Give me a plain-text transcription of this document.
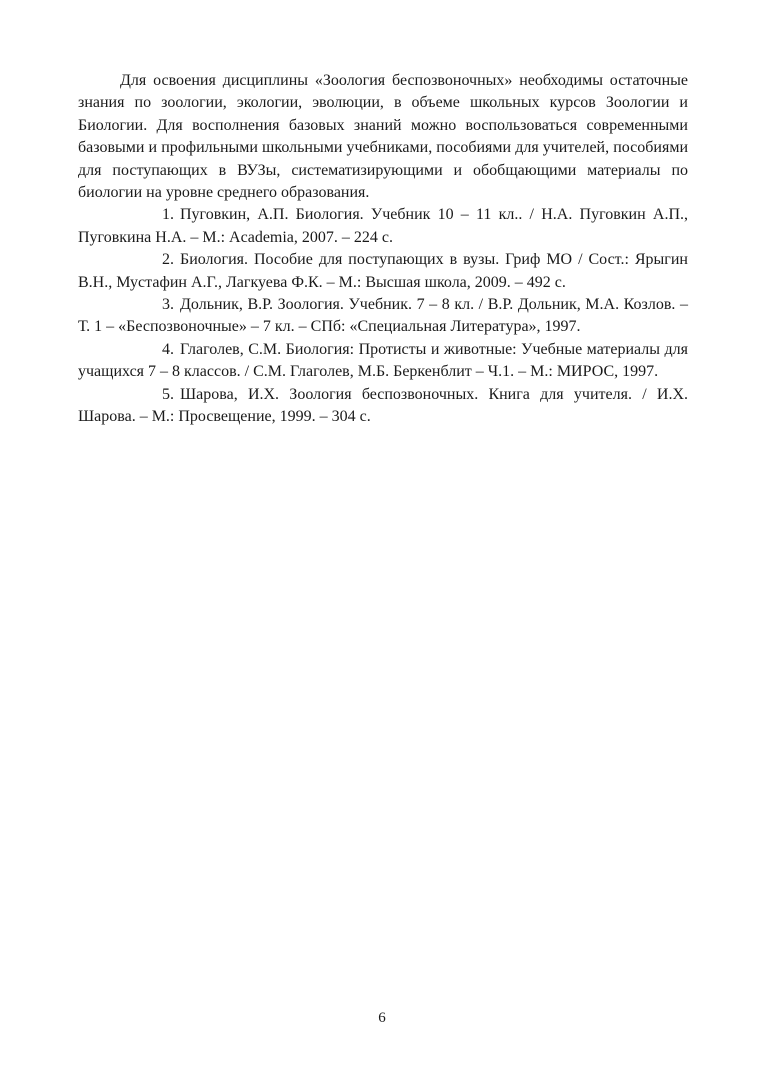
Для освоения дисциплины «Зоология беспозвоночных» необходимы остаточные знания по зоологии, экологии, эволюции, в объеме школьных курсов Зоологии и Биологии. Для восполнения базовых знаний можно воспользоваться современными базовыми и профильными школьными учебниками, пособиями для учителей, пособиями для поступающих в ВУЗы, систематизирующими и обобщающими материалы по биологии на уровне среднего образования.

1. Пуговкин, А.П. Биология. Учебник 10 – 11 кл.. / Н.А. Пуговкин А.П., Пуговкина Н.А. – М.: Academia, 2007. – 224 с.

2. Биология. Пособие для поступающих в вузы. Гриф МО / Сост.: Ярыгин В.Н., Мустафин А.Г., Лагкуева Ф.К. – М.: Высшая школа, 2009. – 492 с.

3. Дольник, В.Р. Зоология. Учебник. 7 – 8 кл. / В.Р. Дольник, М.А. Козлов. – Т. 1 – «Беспозвоночные» – 7 кл. – СПб: «Специальная Литература», 1997.

4. Глаголев, С.М. Биология: Протисты и животные: Учебные материалы для учащихся 7 – 8 классов. / С.М. Глаголев, М.Б. Беркенблит – Ч.1. – М.: МИРОС, 1997.

5. Шарова, И.Х. Зоология беспозвоночных. Книга для учителя. / И.Х. Шарова. – М.: Просвещение, 1999. – 304 с.

6
